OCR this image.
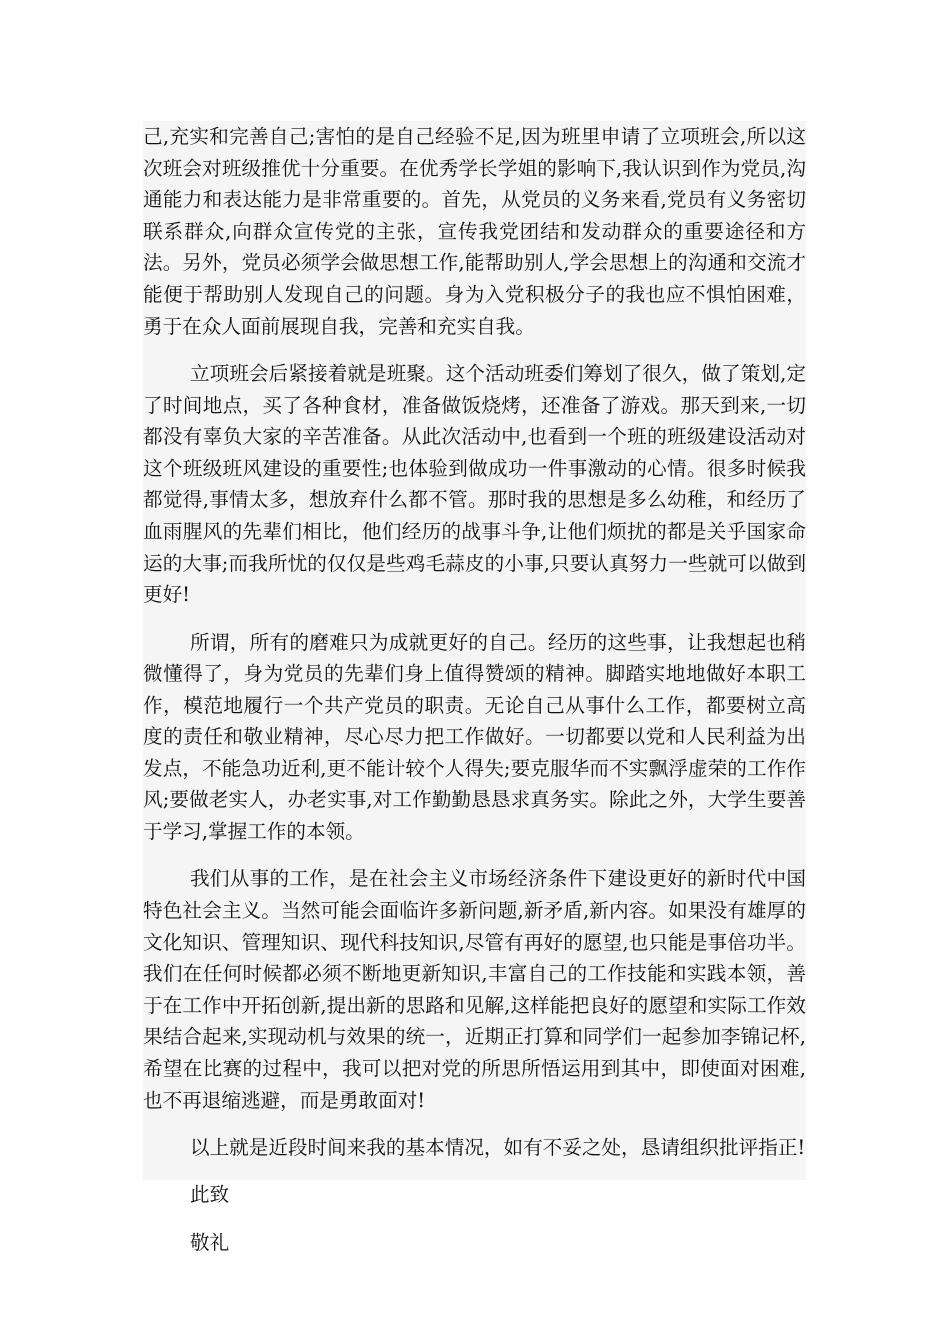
己,充实和完善自己;害怕的是自己经验不足,因为班里申请了立项班会,所以这次班会对班级推优十分重要。在优秀学长学姐的影响下,我认识到作为党员,沟通能力和表达能力是非常重要的。首先，从党员的义务来看,党员有义务密切联系群众,向群众宣传党的主张，宣传我党团结和发动群众的重要途径和方法。另外，党员必须学会做思想工作,能帮助别人,学会思想上的沟通和交流才能便于帮助别人发现自己的问题。身为入党积极分子的我也应不惧怕困难，勇于在众人面前展现自我，完善和充实自我。

立项班会后紧接着就是班聚。这个活动班委们筹划了很久，做了策划,定了时间地点，买了各种食材，准备做饭烧烤，还准备了游戏。那天到来,一切都没有辜负大家的辛苦准备。从此次活动中,也看到一个班的班级建设活动对这个班级班风建设的重要性;也体验到做成功一件事激动的心情。很多时候我都觉得,事情太多，想放弃什么都不管。那时我的思想是多么幼稚，和经历了血雨腥风的先辈们相比，他们经历的战事斗争,让他们烦扰的都是关乎国家命运的大事;而我所忧的仅仅是些鸡毛蒜皮的小事,只要认真努力一些就可以做到更好!

所谓，所有的磨难只为成就更好的自己。经历的这些事，让我想起也稍微懂得了，身为党员的先辈们身上值得赞颂的精神。脚踏实地地做好本职工作，模范地履行一个共产党员的职责。无论自己从事什么工作，都要树立高度的责任和敬业精神，尽心尽力把工作做好。一切都要以党和人民利益为出发点，不能急功近利,更不能计较个人得失;要克服华而不实飘浮虚荣的工作作风;要做老实人，办老实事,对工作勤勤恳恳求真务实。除此之外，大学生要善于学习,掌握工作的本领。

我们从事的工作，是在社会主义市场经济条件下建设更好的新时代中国特色社会主义。当然可能会面临许多新问题,新矛盾,新内容。如果没有雄厚的文化知识、管理知识、现代科技知识,尽管有再好的愿望,也只能是事倍功半。我们在任何时候都必须不断地更新知识,丰富自己的工作技能和实践本领，善于在工作中开拓创新,提出新的思路和见解,这样能把良好的愿望和实际工作效果结合起来,实现动机与效果的统一，近期正打算和同学们一起参加李锦记杯,希望在比赛的过程中，我可以把对党的所思所悟运用到其中，即使面对困难,也不再退缩逃避，而是勇敢面对!

以上就是近段时间来我的基本情况，如有不妥之处，恳请组织批评指正!

此致

敬礼
